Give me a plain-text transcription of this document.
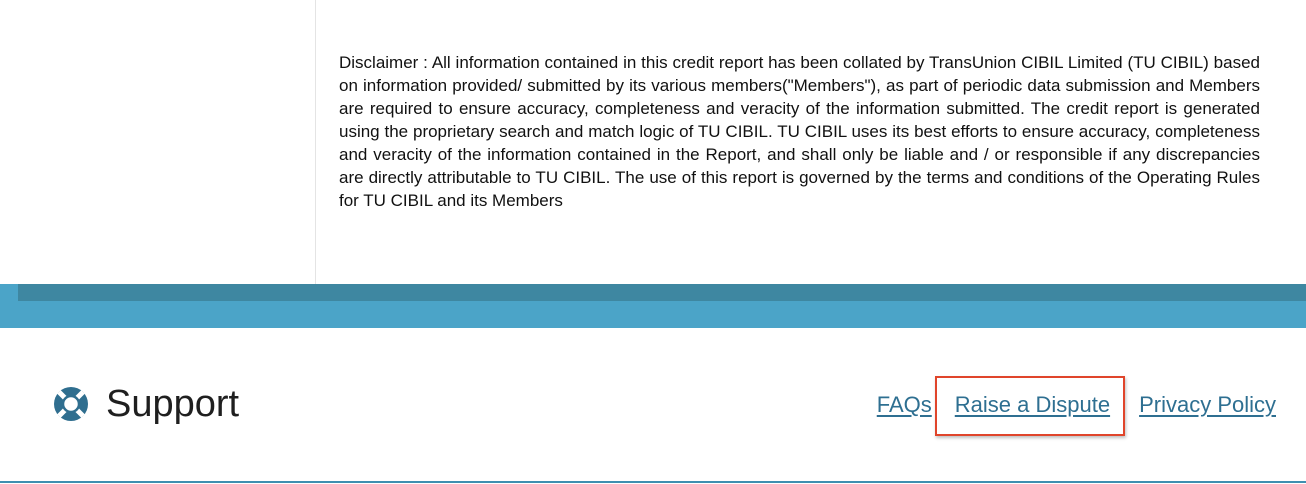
Disclaimer : All information contained in this credit report has been collated by TransUnion CIBIL Limited (TU CIBIL) based on information provided/ submitted by its various members("Members"), as part of periodic data submission and Members are required to ensure accuracy, completeness and veracity of the information submitted. The credit report is generated using the proprietary search and match logic of TU CIBIL. TU CIBIL uses its best efforts to ensure accuracy, completeness and veracity of the information contained in the Report, and shall only be liable and / or responsible if any discrepancies are directly attributable to TU CIBIL. The use of this report is governed by the terms and conditions of the Operating Rules for TU CIBIL and its Members

Support	FAQs Raise a Dispute Privacy Policy
